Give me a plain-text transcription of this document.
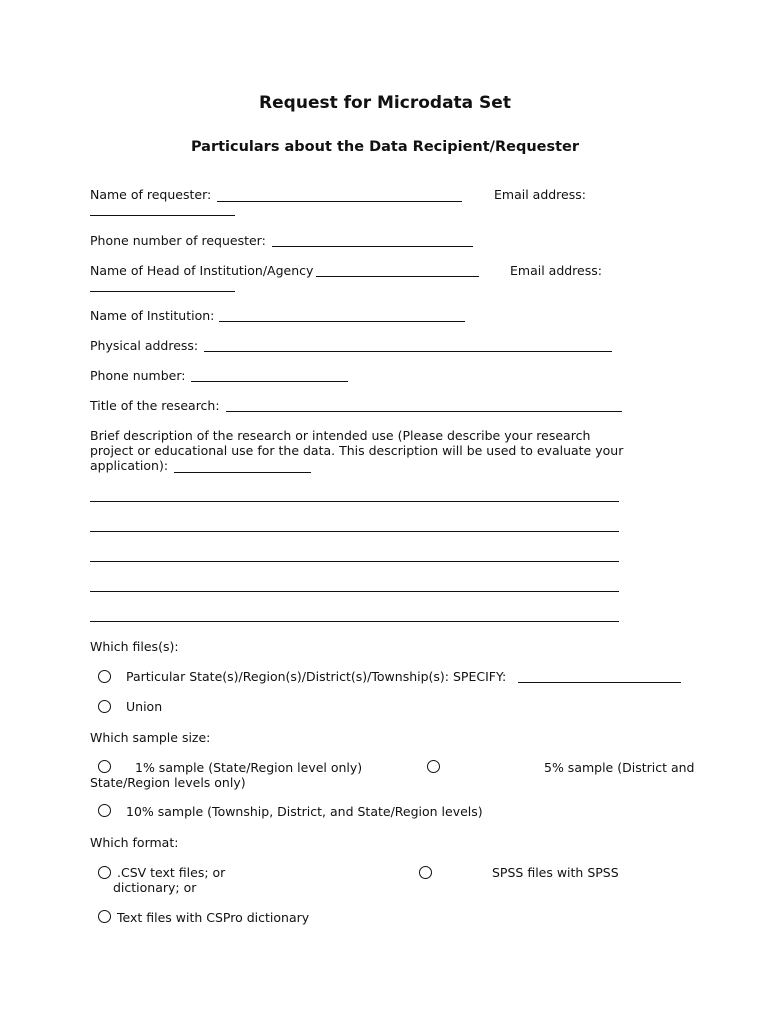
Request for Microdata Set
Particulars about the Data Recipient/Requester
Name of requester:	Email address:
Phone number of requester:
Name of Head of Institution/Agency	Email address:
Name of Institution:
Physical address:
Phone number:
Title of the research:
Brief description of the research or intended use (Please describe your research
project or educational use for the data. This description will be used to evaluate your
application):
Which files(s):
Particular State(s)/Region(s)/District(s)/Township(s): SPECIFY:
Union
Which sample size:
1% sample (State/Region level only)	5% sample (District and
State/Region levels only)
10% sample (Township, District, and State/Region levels)
Which format:
.CSV text files; or
dictionary; or
SPSS files with SPSS
Text files with CSPro dictionary
